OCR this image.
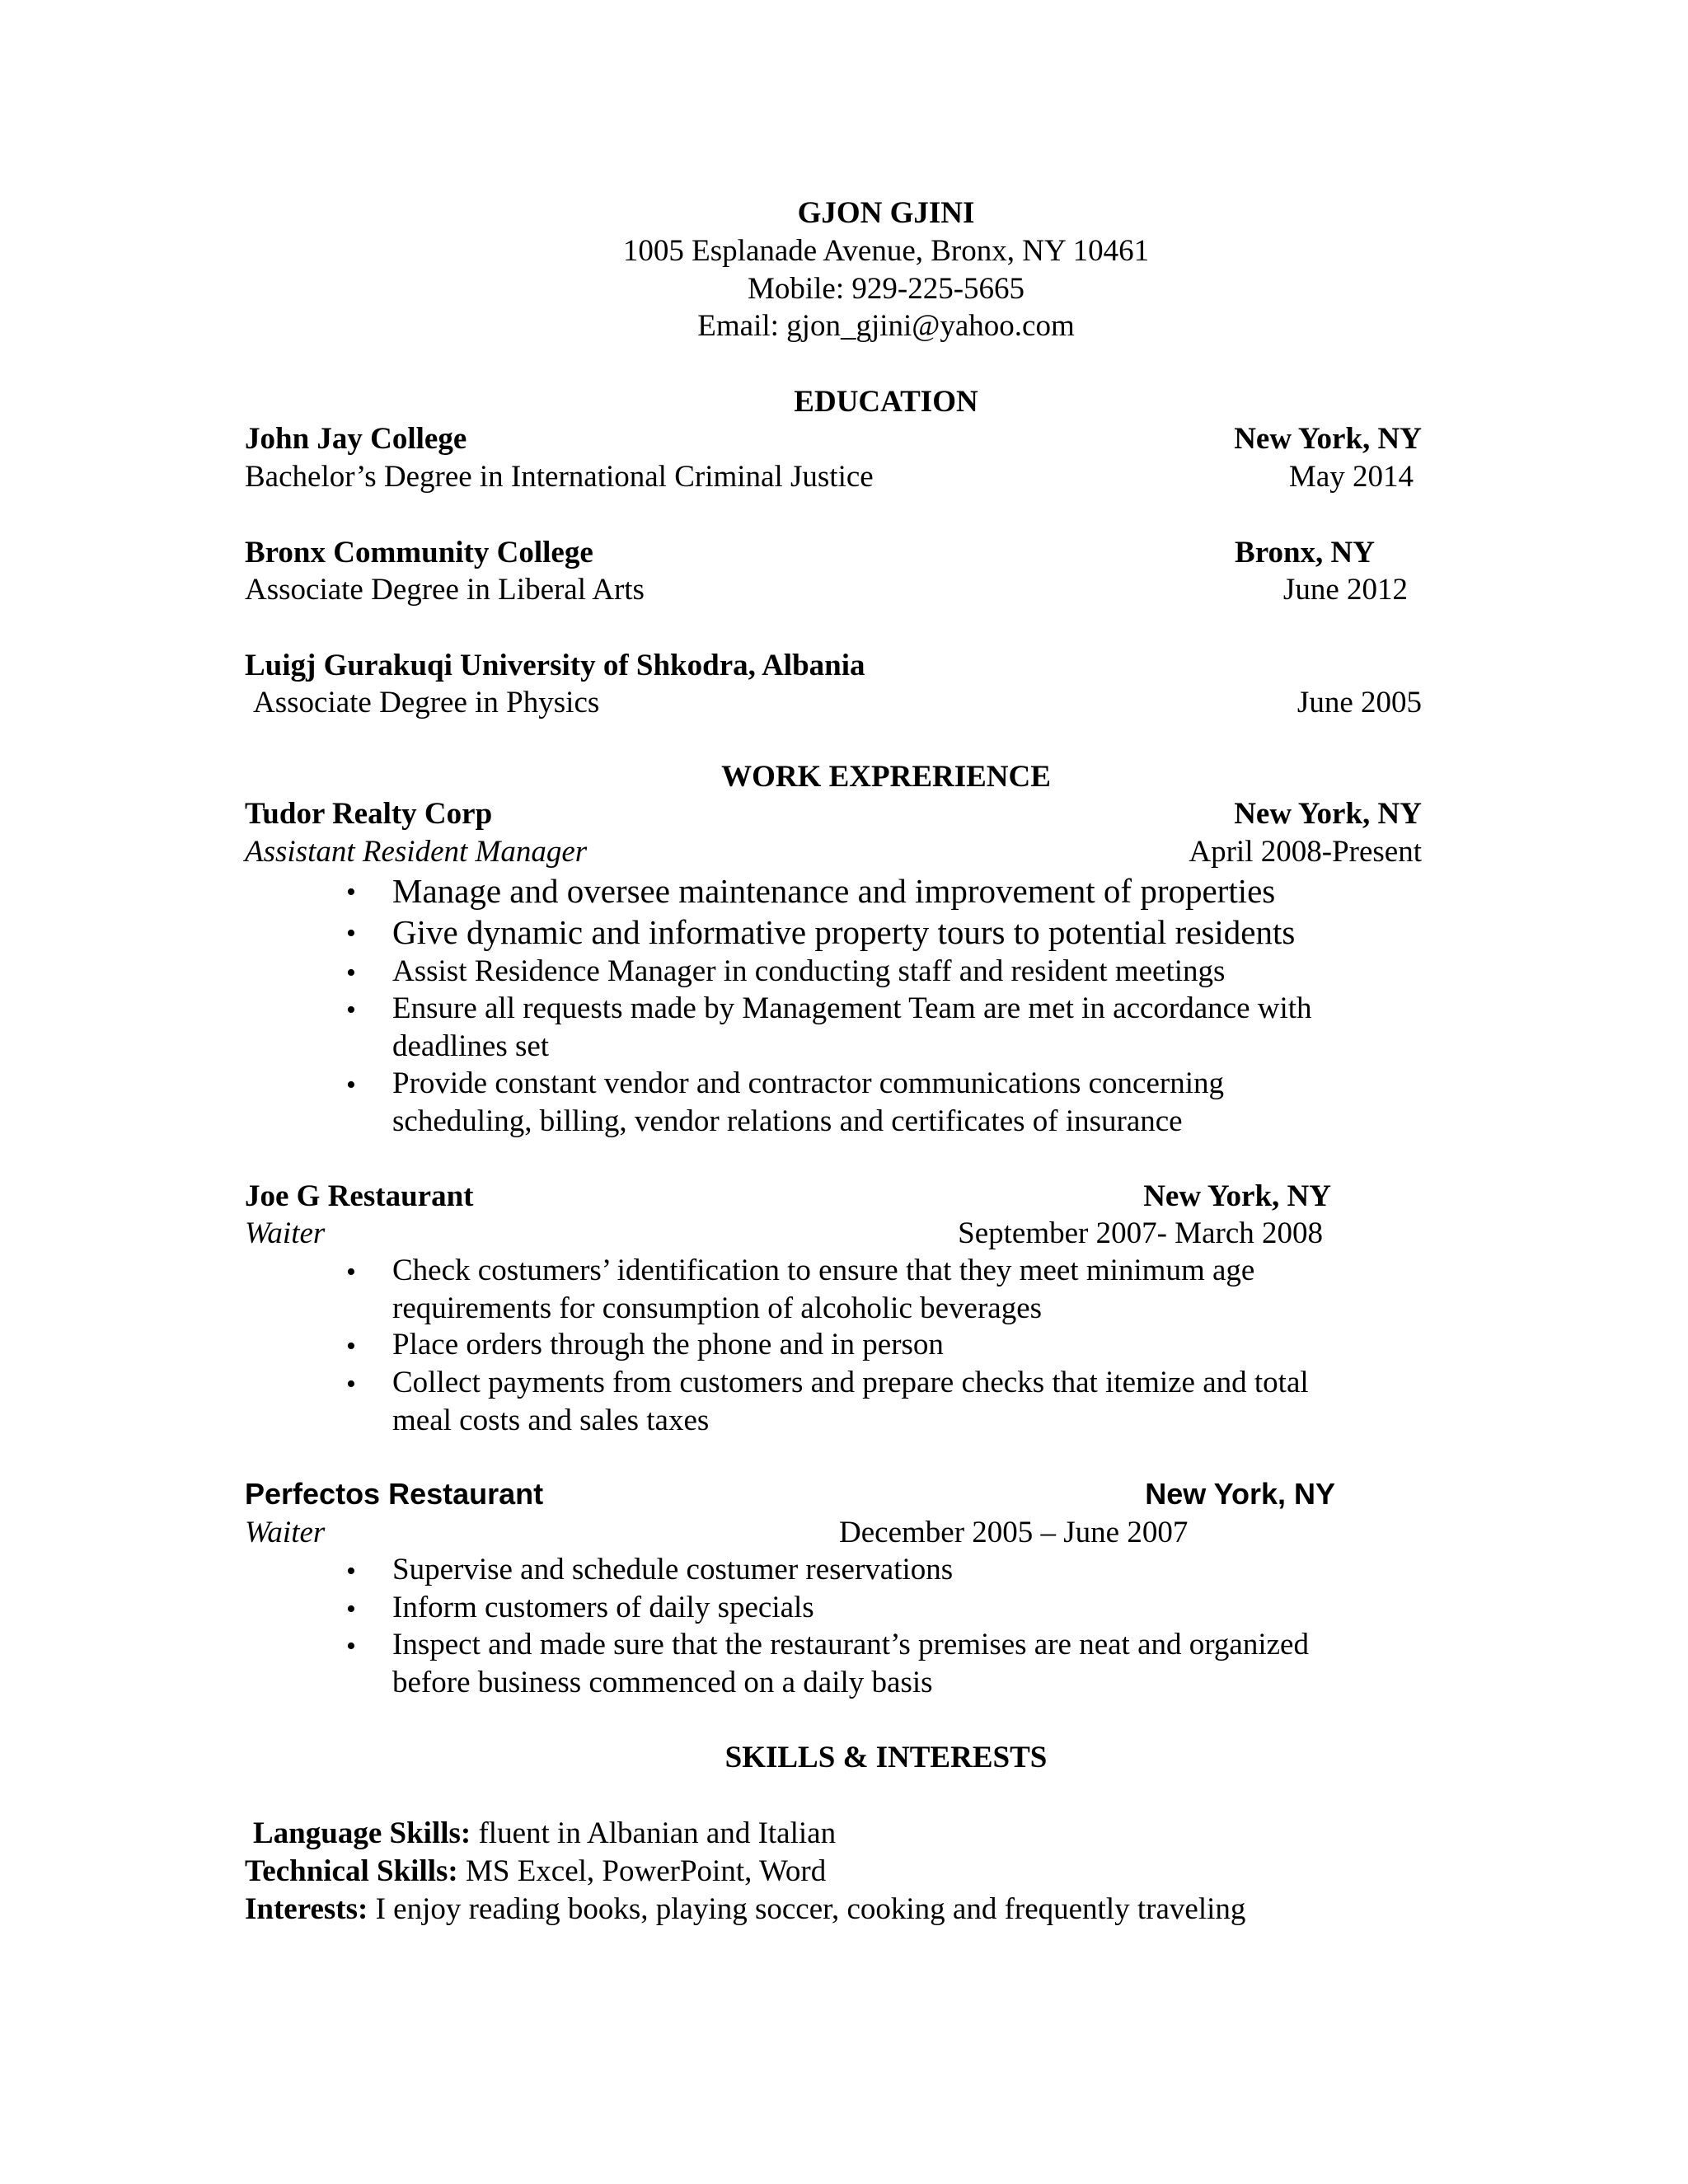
GJON GJINI
1005 Esplanade Avenue, Bronx, NY 10461
Mobile: 929-225-5665
Email: gjon_gjini@yahoo.com
EDUCATION
John Jay College	New York, NY
Bachelor’s Degree in International Criminal Justice	May 2014
Bronx Community College	Bronx, NY
Associate Degree in Liberal Arts	June 2012
Luigj Gurakuqi University of Shkodra, Albania
Associate Degree in Physics	June 2005
WORK EXPRERIENCE
Tudor Realty Corp	New York, NY
Assistant Resident Manager	April 2008-Present
• Manage and oversee maintenance and improvement of properties
• Give dynamic and informative property tours to potential residents
• Assist Residence Manager in conducting staff and resident meetings
• Ensure all requests made by Management Team are met in accordance with
deadlines set
• Provide constant vendor and contractor communications concerning
scheduling, billing, vendor relations and certificates of insurance
Joe G Restaurant	New York, NY
Waiter	September 2007- March 2008
• Check costumers’ identification to ensure that they meet minimum age
requirements for consumption of alcoholic beverages
• Place orders through the phone and in person
• Collect payments from customers and prepare checks that itemize and total
meal costs and sales taxes
Perfectos Restaurant	New York, NY
Waiter	December 2005 – June 2007
• Supervise and schedule costumer reservations
• Inform customers of daily specials
• Inspect and made sure that the restaurant’s premises are neat and organized
before business commenced on a daily basis
SKILLS & INTERESTS
Language Skills: fluent in Albanian and Italian
Technical Skills: MS Excel, PowerPoint, Word
Interests: I enjoy reading books, playing soccer, cooking and frequently traveling
